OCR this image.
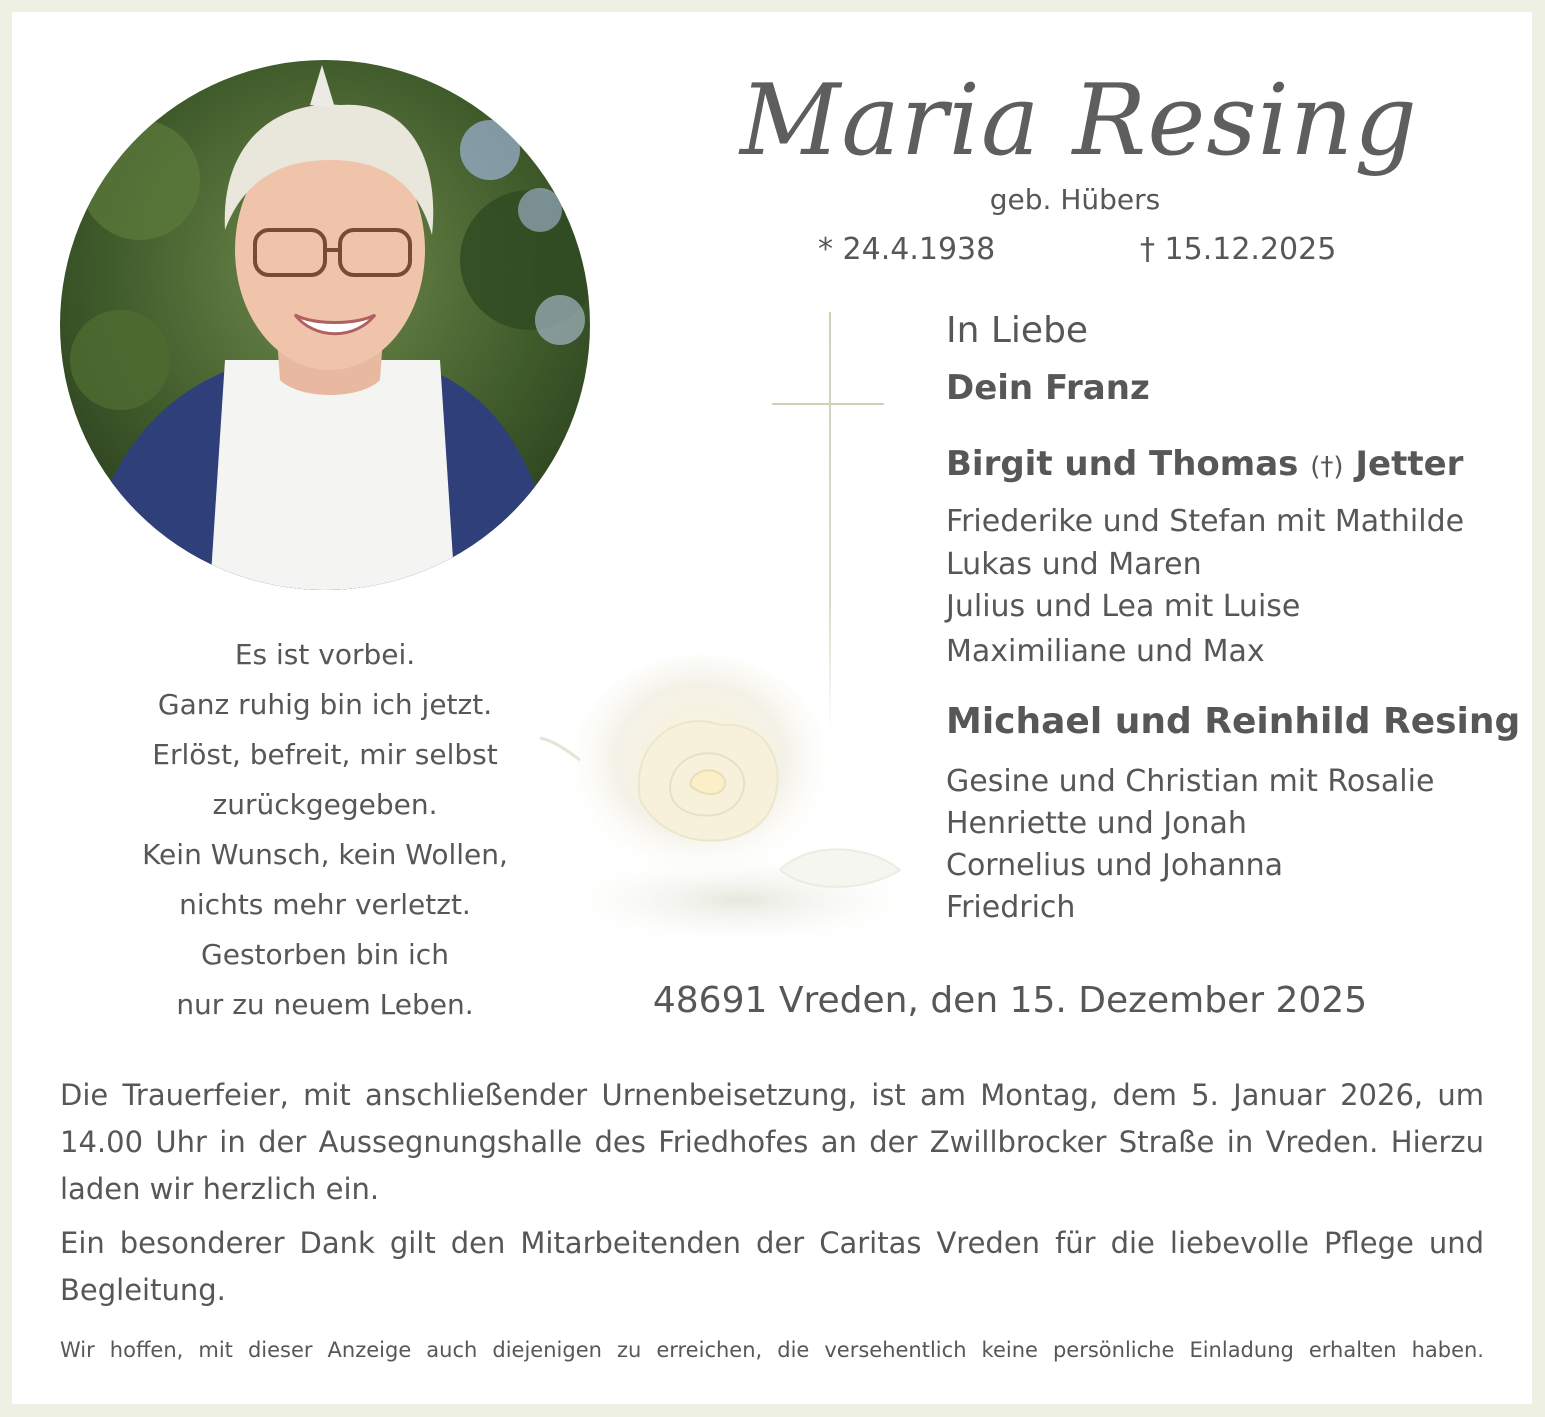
Maria Resing
geb. Hübers
* 24.4.1938	† 15.12.2025
In Liebe
Dein Franz
Birgit und Thomas (†) Jetter
Friederike und Stefan mit Mathilde
Lukas und Maren
Julius und Lea mit Luise
Maximiliane und Max
Michael und Reinhild Resing
Gesine und Christian mit Rosalie
Henriette und Jonah
Cornelius und Johanna
Friedrich
Es ist vorbei.
Ganz ruhig bin ich jetzt.
Erlöst, befreit, mir selbst
zurückgegeben.
Kein Wunsch, kein Wollen,
nichts mehr verletzt.
Gestorben bin ich
nur zu neuem Leben.	48691 Vreden, den 15. Dezember 2025
Die Trauerfeier, mit anschließender Urnenbeisetzung, ist am Montag, dem 5. Januar 2026, um 14.00 Uhr in der Aussegnungshalle des Friedhofes an der Zwillbrocker Straße in Vreden. Hierzu laden wir herzlich ein.
Ein besonderer Dank gilt den Mitarbeitenden der Caritas Vreden für die liebevolle Pflege und Begleitung.
Wir hoffen, mit dieser Anzeige auch diejenigen zu erreichen, die versehentlich keine persönliche Einladung erhalten haben.
